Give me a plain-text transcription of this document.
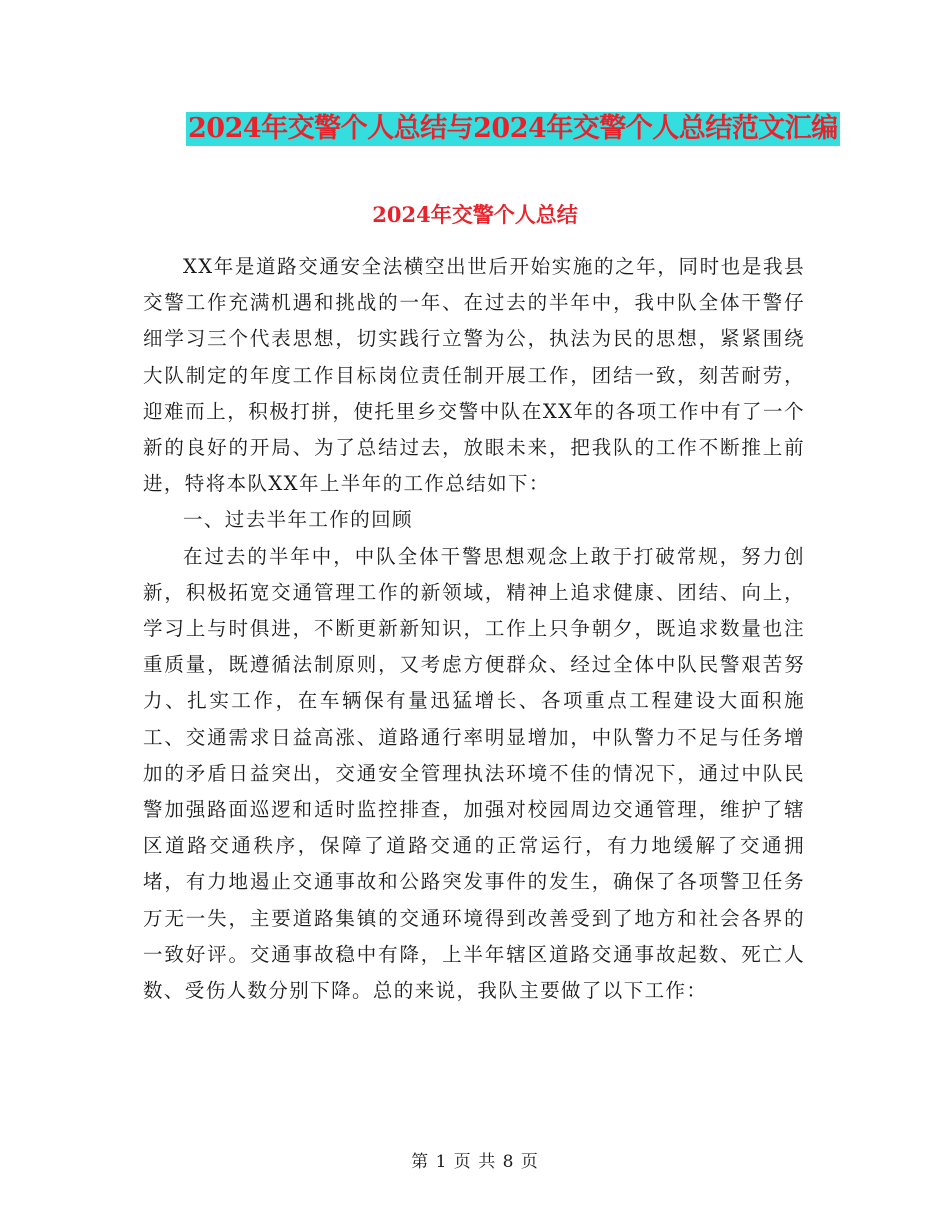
2024年交警个人总结与2024年交警个人总结范文汇编
2024年交警个人总结

XX年是道路交通安全法横空出世后开始实施的之年，同时也是我县交警工作充满机遇和挑战的一年、在过去的半年中，我中队全体干警仔细学习三个代表思想，切实践行立警为公，执法为民的思想，紧紧围绕大队制定的年度工作目标岗位责任制开展工作，团结一致，刻苦耐劳，迎难而上，积极打拼，使托里乡交警中队在XX年的各项工作中有了一个新的良好的开局、为了总结过去，放眼未来，把我队的工作不断推上前进，特将本队XX年上半年的工作总结如下：

一、过去半年工作的回顾

在过去的半年中，中队全体干警思想观念上敢于打破常规，努力创新，积极拓宽交通管理工作的新领域，精神上追求健康、团结、向上，学习上与时俱进，不断更新新知识，工作上只争朝夕，既追求数量也注重质量，既遵循法制原则，又考虑方便群众、经过全体中队民警艰苦努力、扎实工作，在车辆保有量迅猛增长、各项重点工程建设大面积施工、交通需求日益高涨、道路通行率明显增加，中队警力不足与任务增加的矛盾日益突出，交通安全管理执法环境不佳的情况下，通过中队民警加强路面巡逻和适时监控排查，加强对校园周边交通管理，维护了辖区道路交通秩序，保障了道路交通的正常运行，有力地缓解了交通拥堵，有力地遏止交通事故和公路突发事件的发生，确保了各项警卫任务万无一失，主要道路集镇的交通环境得到改善受到了地方和社会各界的一致好评。交通事故稳中有降，上半年辖区道路交通事故起数、死亡人数、受伤人数分别下降。总的来说，我队主要做了以下工作：

第 1 页 共 8 页
